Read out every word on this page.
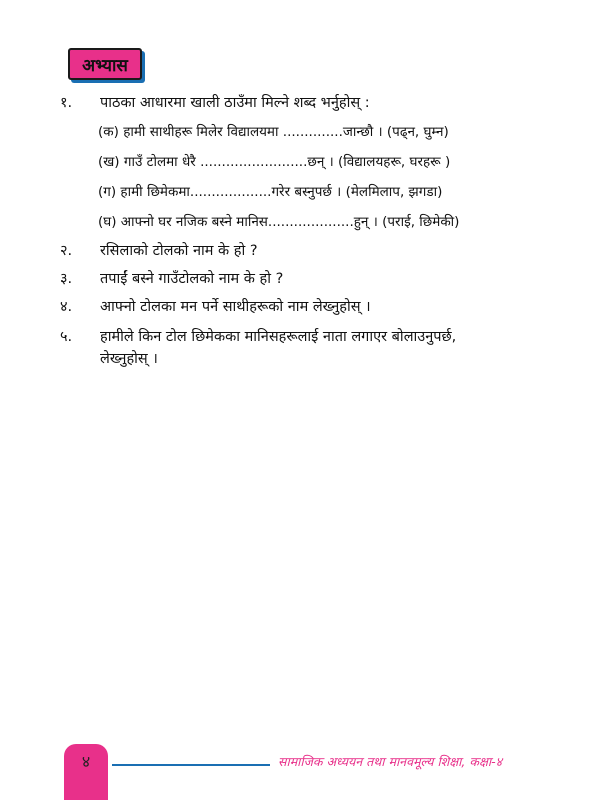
अभ्यास
१. पाठका आधारमा खाली ठाउँमा मिल्ने शब्द भर्नुहोस् :
(क) हामी साथीहरू मिलेर विद्यालयमा ..............जान्छौ । (पढ्न, घुम्न)
(ख) गाउँ टोलमा धेरै .........................छन् । (विद्यालयहरू, घरहरू )
(ग) हामी छिमेकमा...................गरेर बस्नुपर्छ । (मेलमिलाप, झगडा)
(घ) आफ्नो घर नजिक बस्ने मानिस....................हुन् । (पराई, छिमेकी)
२. रसिलाको टोलको नाम के हो ?
३. तपाईं बस्ने गाउँटोलको नाम के हो ?
४. आफ्नो टोलका मन पर्ने साथीहरूको नाम लेख्नुहोस् ।
५. हामीले किन टोल छिमेकका मानिसहरूलाई नाता लगाएर बोलाउनुपर्छ,
लेख्नुहोस् ।
४	सामाजिक अध्ययन तथा मानवमूल्य शिक्षा, कक्षा-४
